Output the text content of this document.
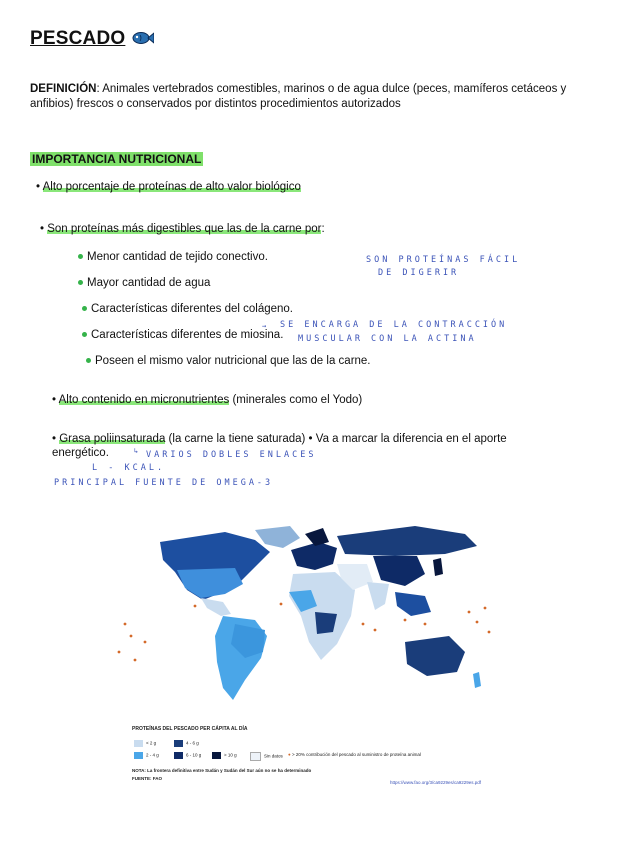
PESCADO
DEFINICIÓN: Animales vertebrados comestibles, marinos o de agua dulce (peces, mamíferos cetáceos y anfibios) frescos o conservados por distintos procedimientos autorizados
IMPORTANCIA NUTRICIONAL
• Alto porcentaje de proteínas de alto valor biológico
• Son proteínas más digestibles que las de la carne por:
Menor cantidad de tejido conectivo.
Mayor cantidad de agua
Características diferentes del colágeno.
Características diferentes de miosina.
Poseen el mismo valor nutricional que las de la carne.
SON PROTEÍNAS FÁCIL
DE DIGERIR
→ SE ENCARGA DE LA CONTRACCIÓN
MUSCULAR CON LA ACTINA
• Alto contenido en micronutrientes (minerales como el Yodo)
• Grasa poliinsaturada (la carne la tiene saturada) • Va a marcar la diferencia en el aporte
energético.	↳ VARIOS DOBLES ENLACES
L - KCAL.
PRINCIPAL FUENTE DE OMEGA-3
PROTEÍNAS DEL PESCADO PER CÁPITA AL DÍA
< 2 g	4 - 6 g
2 - 4 g	6 - 10 g	> 10 g	Sin datos ● > 20% contribución del pescado al suministro de proteína animal
NOTA: La frontera definitiva entre Sudán y Sudán del Sur aún no se ha determinado
FUENTE: FAO
https://www.fao.org/3/ca9229es/ca9229es.pdf
